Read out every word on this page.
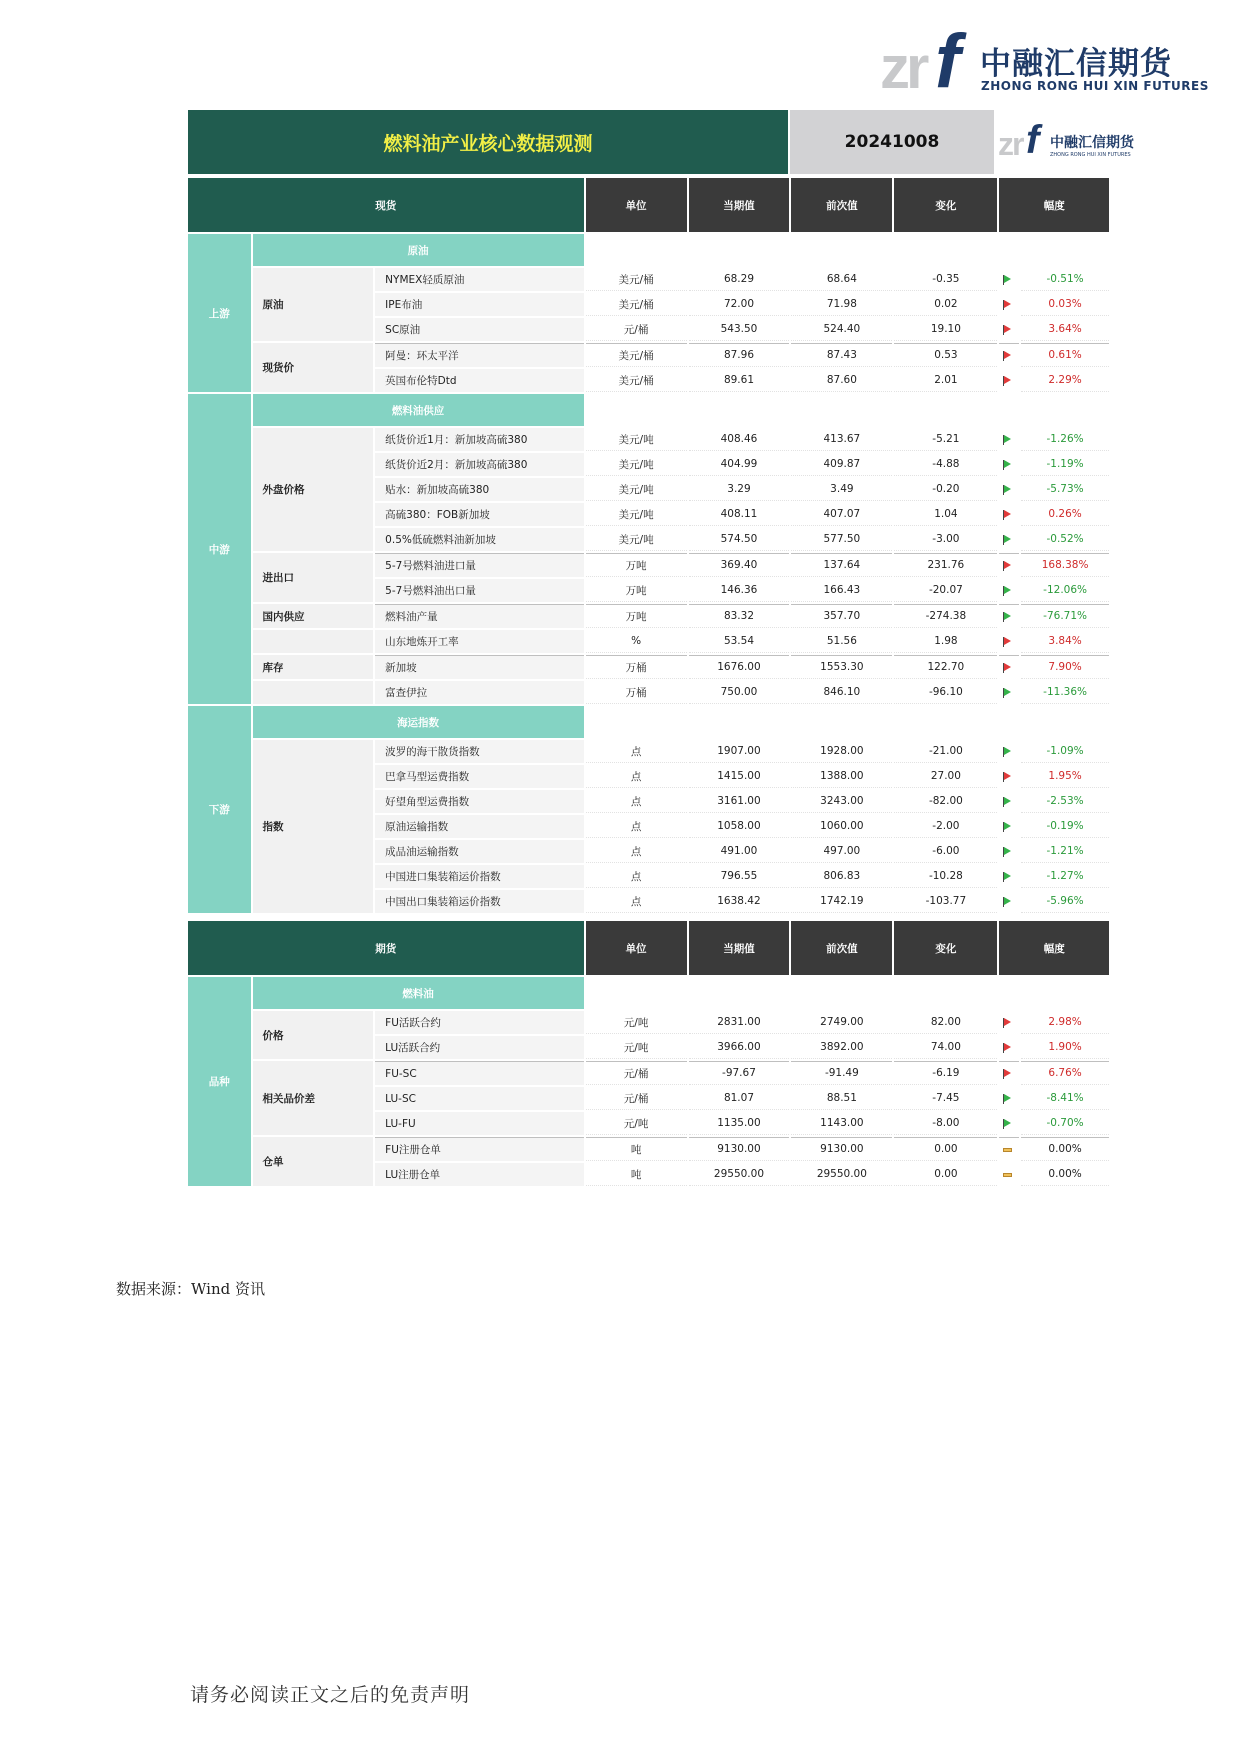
zr f 中融汇信期货
ZHONG RONG HUI XIN FUTURES
燃料油产业核心数据观测	20241008	zr f 中融汇信期货
ZHONG RONG HUI XIN FUTURES
现货			单位	当期值	前次值	变化	幅度	
上游	原油							
	原油	NYMEX轻质原油	美元/桶	68.29	68.64	-0.35		-0.51%
		IPE布油	美元/桶	72.00	71.98	0.02		0.03%
		SC原油	元/桶	543.50	524.40	19.10		3.64%
	现货价	阿曼：环太平洋	美元/桶	87.96	87.43	0.53		0.61%
		英国布伦特Dtd	美元/桶	89.61	87.60	2.01		2.29%
中游	燃料油供应							
	外盘价格	纸货价近1月：新加坡高硫380	美元/吨	408.46	413.67	-5.21		-1.26%
		纸货价近2月：新加坡高硫380	美元/吨	404.99	409.87	-4.88		-1.19%
		贴水：新加坡高硫380	美元/吨	3.29	3.49	-0.20		-5.73%
		高硫380：FOB新加坡	美元/吨	408.11	407.07	1.04		0.26%
		0.5%低硫燃料油新加坡	美元/吨	574.50	577.50	-3.00		-0.52%
	进出口	5-7号燃料油进口量	万吨	369.40	137.64	231.76		168.38%
		5-7号燃料油出口量	万吨	146.36	166.43	-20.07		-12.06%
	国内供应	燃料油产量	万吨	83.32	357.70	-274.38		-76.71%
		山东地炼开工率	%	53.54	51.56	1.98		3.84%
	库存	新加坡	万桶	1676.00	1553.30	122.70		7.90%
		富查伊拉	万桶	750.00	846.10	-96.10		-11.36%
下游	海运指数							
	指数	波罗的海干散货指数	点	1907.00	1928.00	-21.00		-1.09%
		巴拿马型运费指数	点	1415.00	1388.00	27.00		1.95%
		好望角型运费指数	点	3161.00	3243.00	-82.00		-2.53%
		原油运输指数	点	1058.00	1060.00	-2.00		-0.19%
		成品油运输指数	点	491.00	497.00	-6.00		-1.21%
		中国进口集装箱运价指数	点	796.55	806.83	-10.28		-1.27%
		中国出口集装箱运价指数	点	1638.42	1742.19	-103.77		-5.96%

期货			单位	当期值	前次值	变化	幅度	
品种	燃料油							
	价格	FU活跃合约	元/吨	2831.00	2749.00	82.00		2.98%
		LU活跃合约	元/吨	3966.00	3892.00	74.00		1.90%
	相关品价差	FU-SC	元/桶	-97.67	-91.49	-6.19		6.76%
		LU-SC	元/桶	81.07	88.51	-7.45		-8.41%
		LU-FU	元/吨	1135.00	1143.00	-8.00		-0.70%
	仓单	FU注册仓单	吨	9130.00	9130.00	0.00		0.00%
		LU注册仓单	吨	29550.00	29550.00	0.00		0.00%
数据来源：Wind 资讯
请务必阅读正文之后的免责声明
